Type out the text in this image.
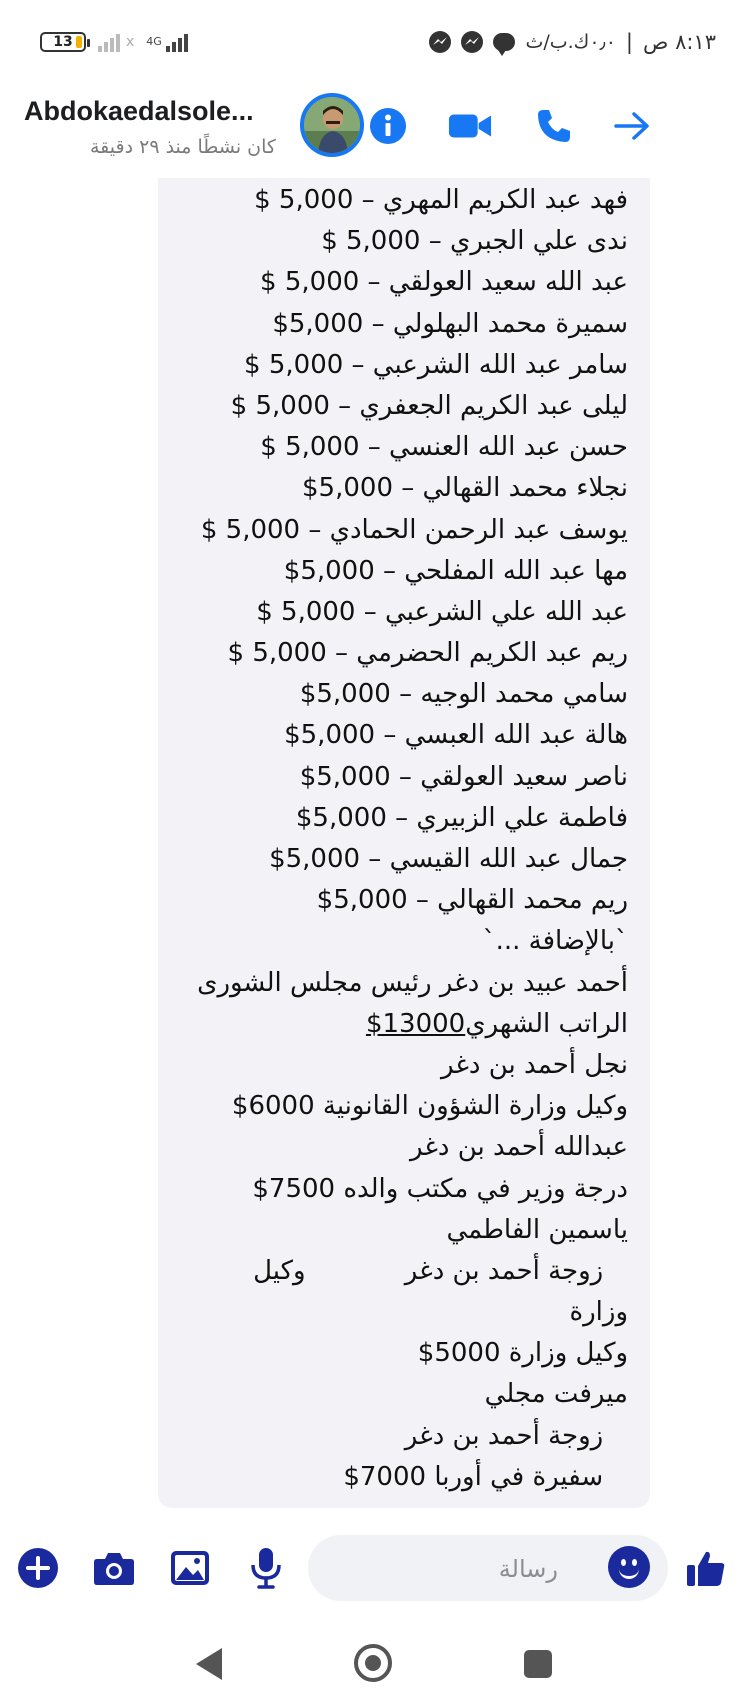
13	x 4G	٨:١٣ ص
|
٠٫٠ك.ب/ث
Abdokaedalsole...
كان نشطًا منذ ٢٩ دقيقة
فهد عبد الكريم المهري – 5,000 $
ندى علي الجبري – 5,000 $
عبد الله سعيد العولقي – 5,000 $
سميرة محمد البهلولي – 5,000$
سامر عبد الله الشرعبي – 5,000 $
ليلى عبد الكريم الجعفري – 5,000 $
حسن عبد الله العنسي – 5,000 $
نجلاء محمد القهالي – 5,000$
يوسف عبد الرحمن الحمادي – 5,000 $
مها عبد الله المفلحي – 5,000$
عبد الله علي الشرعبي – 5,000 $
ريم عبد الكريم الحضرمي – 5,000 $
سامي محمد الوجيه – 5,000$
هالة عبد الله العبسي – 5,000$
ناصر سعيد العولقي – 5,000$
فاطمة علي الزبيري – 5,000$
جمال عبد الله القيسي – 5,000$
ريم محمد القهالي – 5,000$
`بالإضافة ...`
أحمد عبيد بن دغر رئيس مجلس الشورى
الراتب الشهري13000$
نجل أحمد بن دغر
وكيل وزارة الشؤون القانونية 6000$
عبدالله أحمد بن دغر
درجة وزير في مكتب والده 7500$
ياسمين الفاطمي
زوجة أحمد بن دغر            وكيل
وزارة
وكيل وزارة 5000$
ميرفت مجلي
زوجة أحمد بن دغر
سفيرة في أوربا 7000$
رسالة
